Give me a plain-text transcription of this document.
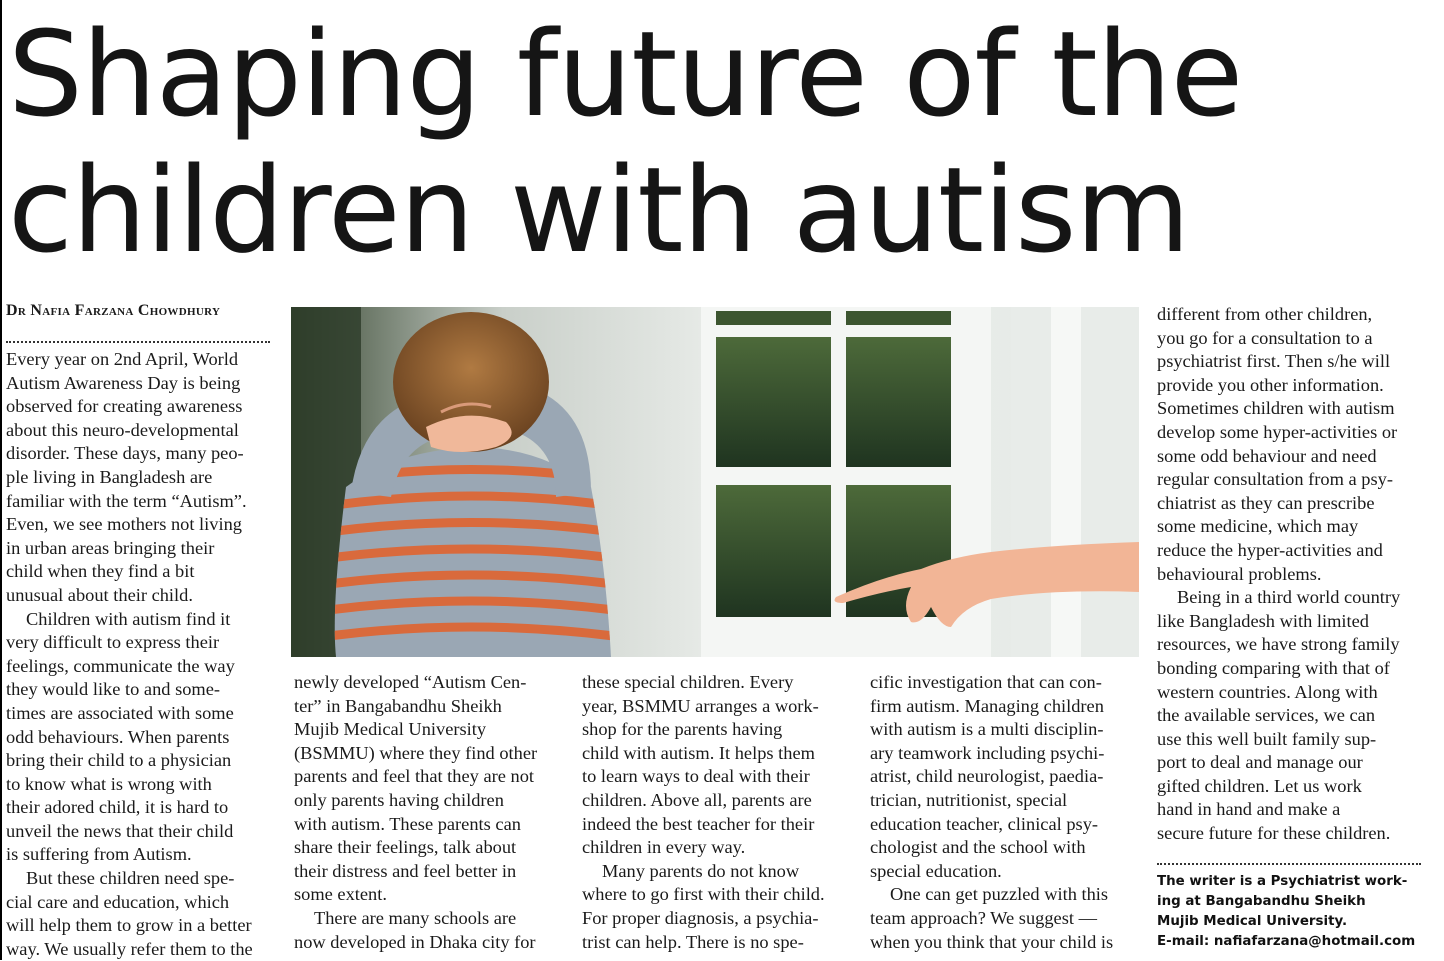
Shaping future of the
children with autism
Dr Nafia Farzana Chowdhury

Every year on 2nd April, World
Autism Awareness Day is being
observed for creating awareness
about this neuro-developmental
disorder. These days, many peo-
ple living in Bangladesh are
familiar with the term “Autism”.
Even, we see mothers not living
in urban areas bringing their
child when they find a bit
unusual about their child.

Children with autism find it
very difficult to express their
feelings, communicate the way
they would like to and some-
times are associated with some
odd behaviours. When parents
bring their child to a physician
to know what is wrong with
their adored child, it is hard to
unveil the news that their child
is suffering from Autism.

But these children need spe-
cial care and education, which
will help them to grow in a better
way. We usually refer them to the

newly developed “Autism Cen-
ter” in Bangabandhu Sheikh
Mujib Medical University
(BSMMU) where they find other
parents and feel that they are not
only parents having children
with autism. These parents can
share their feelings, talk about
their distress and feel better in
some extent.

There are many schools are
now developed in Dhaka city for

these special children. Every
year, BSMMU arranges a work-
shop for the parents having
child with autism. It helps them
to learn ways to deal with their
children. Above all, parents are
indeed the best teacher for their
children in every way.

Many parents do not know
where to go first with their child.
For proper diagnosis, a psychia-
trist can help. There is no spe-

cific investigation that can con-
firm autism. Managing children
with autism is a multi disciplin-
ary teamwork including psychi-
atrist, child neurologist, paedia-
trician, nutritionist, special
education teacher, clinical psy-
chologist and the school with
special education.

One can get puzzled with this
team approach? We suggest —
when you think that your child is

different from other children,
you go for a consultation to a
psychiatrist first. Then s/he will
provide you other information.
Sometimes children with autism
develop some hyper-activities or
some odd behaviour and need
regular consultation from a psy-
chiatrist as they can prescribe
some medicine, which may
reduce the hyper-activities and
behavioural problems.

Being in a third world country
like Bangladesh with limited
resources, we have strong family
bonding comparing with that of
western countries. Along with
the available services, we can
use this well built family sup-
port to deal and manage our
gifted children. Let us work
hand in hand and make a
secure future for these children.

The writer is a Psychiatrist work-
ing at Bangabandhu Sheikh
Mujib Medical University.
E-mail: nafiafarzana@hotmail.com
